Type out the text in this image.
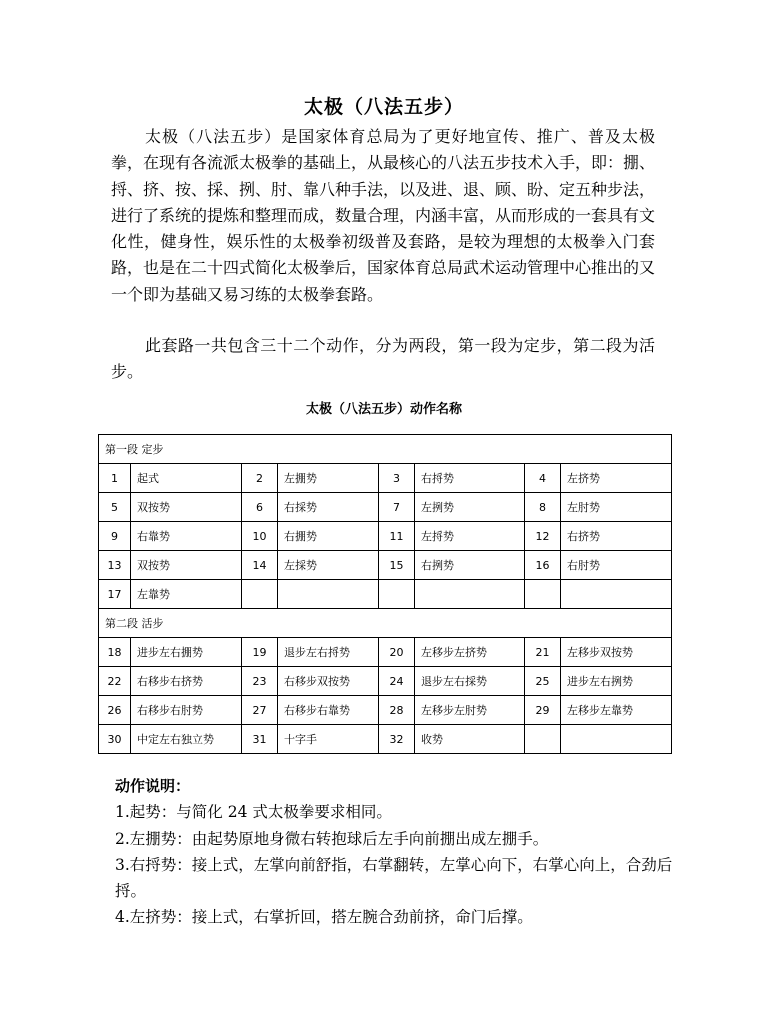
太极（八法五步）

太极（八法五步）是国家体育总局为了更好地宣传、推广、普及太极拳，在现有各流派太极拳的基础上，从最核心的八法五步技术入手，即：掤、捋、挤、按、採、挒、肘、靠八种手法，以及进、退、顾、盼、定五种步法，进行了系统的提炼和整理而成，数量合理，内涵丰富，从而形成的一套具有文化性，健身性，娱乐性的太极拳初级普及套路，是较为理想的太极拳入门套路，也是在二十四式简化太极拳后，国家体育总局武术运动管理中心推出的又一个即为基础又易习练的太极拳套路。

此套路一共包含三十二个动作，分为两段，第一段为定步，第二段为活步。

太极（八法五步）动作名称
第一段 定步							
1	起式	2	左掤势	3	右捋势	4	左挤势
5	双按势	6	右採势	7	左挒势	8	左肘势
9	右靠势	10	右掤势	11	左捋势	12	右挤势
13	双按势	14	左採势	15	右挒势	16	右肘势
17	左靠势						
第二段 活步							
18	进步左右掤势	19	退步左右捋势	20	左移步左挤势	21	左移步双按势
22	右移步右挤势	23	右移步双按势	24	退步左右採势	25	进步左右挒势
26	右移步右肘势	27	右移步右靠势	28	左移步左肘势	29	左移步左靠势
30	中定左右独立势	31	十字手	32	收势		

动作说明：

1.起势：与简化 24 式太极拳要求相同。

2.左掤势：由起势原地身微右转抱球后左手向前掤出成左掤手。

3.右捋势：接上式，左掌向前舒指，右掌翻转，左掌心向下，右掌心向上，合劲后捋。

4.左挤势：接上式，右掌折回，搭左腕合劲前挤，命门后撑。
